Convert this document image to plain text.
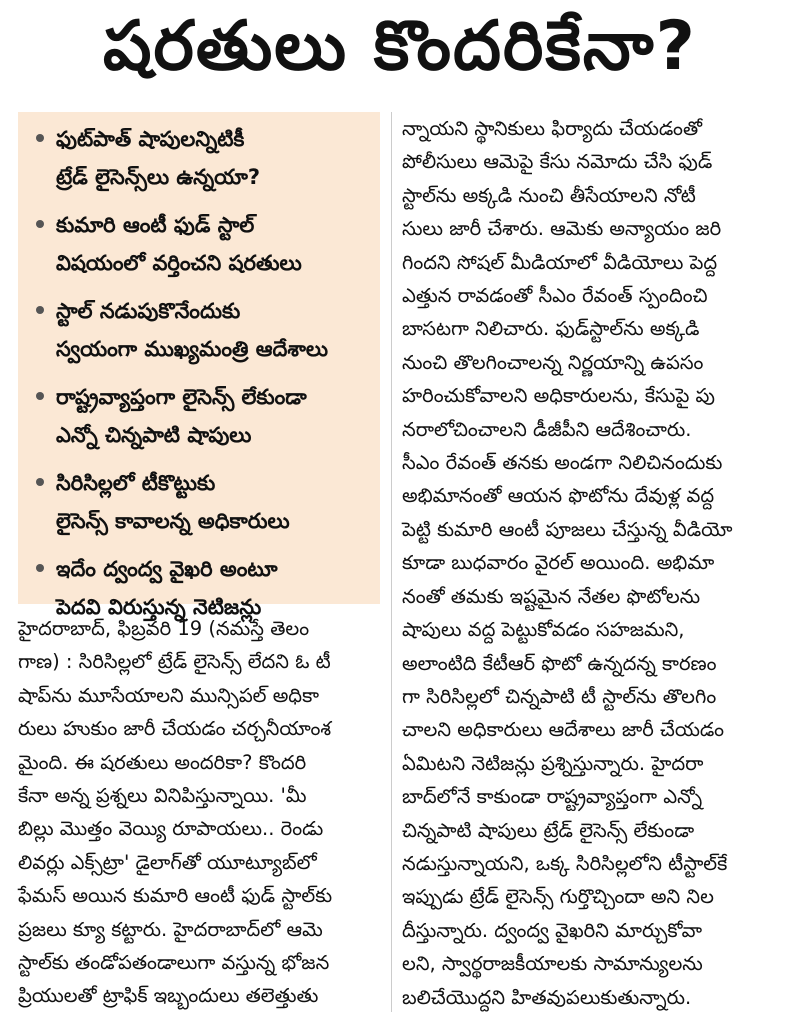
షరతులు కొందరికేనా?
ఫుట్‌పాత్ షాపులన్నిటికీ
ట్రేడ్ లైసెన్స్‌లు ఉన్నయా?
కుమారి ఆంటీ ఫుడ్ స్టాల్
విషయంలో వర్తించని షరతులు
స్టాల్ నడుపుకొనేందుకు
స్వయంగా ముఖ్యమంత్రి ఆదేశాలు
రాష్ట్రవ్యాప్తంగా లైసెన్స్ లేకుండా
ఎన్నో చిన్నపాటి షాపులు
సిరిసిల్లలో టీకొట్టుకు
లైసెన్స్ కావాలన్న అధికారులు
ఇదేం ద్వంద్వ వైఖరి అంటూ
పెదవి విరుస్తున్న నెటిజన్లు
హైదరాబాద్, ఫిబ్రవరి 19 (నమస్తే తెలం
గాణ) : సిరిసిల్లలో ట్రేడ్ లైసెన్స్ లేదని ఓ టీ
షాప్‌ను మూసేయాలని మున్సిపల్ అధికా
రులు హుకుం జారీ చేయడం చర్చనీయాంశ
మైంది. ఈ షరతులు అందరికా? కొందరి
కేనా అన్న ప్రశ్నలు వినిపిస్తున్నాయి. 'మీ
బిల్లు మొత్తం వెయ్యి రూపాయలు.. రెండు
లివర్లు ఎక్స్‌ట్రా' డైలాగ్‌తో యూట్యూబ్‌లో
ఫేమస్ అయిన కుమారి ఆంటీ ఫుడ్ స్టాల్‌కు
ప్రజలు క్యూ కట్టారు. హైదరాబాద్‌లో ఆమె
స్టాల్‌కు తండోపతండాలుగా వస్తున్న భోజన
ప్రియులతో ట్రాఫిక్ ఇబ్బందులు తలెత్తుతు
న్నాయని స్థానికులు ఫిర్యాదు చేయడంతో
పోలీసులు ఆమెపై కేసు నమోదు చేసి ఫుడ్
స్టాల్‌ను అక్కడి నుంచి తీసేయాలని నోటీ
సులు జారీ చేశారు. ఆమెకు అన్యాయం జరి
గిందని సోషల్ మీడియాలో వీడియోలు పెద్ద
ఎత్తున రావడంతో సీఎం రేవంత్ స్పందించి
బాసటగా నిలిచారు. ఫుడ్‌స్టాల్‌ను అక్కడి
నుంచి తొలగించాలన్న నిర్ణయాన్ని ఉపసం
హరించుకోవాలని అధికారులను, కేసుపై పు
నరాలోచించాలని డీజీపీని ఆదేశించారు.
సీఎం రేవంత్ తనకు అండగా నిలిచినందుకు
అభిమానంతో ఆయన ఫొటోను దేవుళ్ల వద్ద
పెట్టి కుమారి ఆంటీ పూజలు చేస్తున్న వీడియో
కూడా బుధవారం వైరల్ అయింది. అభిమా
నంతో తమకు ఇష్టమైన నేతల ఫొటోలను
షాపులు వద్ద పెట్టుకోవడం సహజమని,
అలాంటిది కేటీఆర్ ఫొటో ఉన్నదన్న కారణం
గా సిరిసిల్లలో చిన్నపాటి టీ స్టాల్‌ను తొలగిం
చాలని అధికారులు ఆదేశాలు జారీ చేయడం
ఏమిటని నెటిజన్లు ప్రశ్నిస్తున్నారు. హైదరా
బాద్‌లోనే కాకుండా రాష్ట్రవ్యాప్తంగా ఎన్నో
చిన్నపాటి షాపులు ట్రేడ్ లైసెన్స్ లేకుండా
నడుస్తున్నాయని, ఒక్క సిరిసిల్లలోని టీస్టాల్‌కే
ఇప్పుడు ట్రేడ్ లైసెన్స్ గుర్తొచ్చిందా అని నిల
దీస్తున్నారు. ద్వంద్వ వైఖరిని మార్చుకోవా
లని, స్వార్థరాజకీయాలకు సామాన్యులను
బలిచేయొద్దని హితవుపలుకుతున్నారు.
